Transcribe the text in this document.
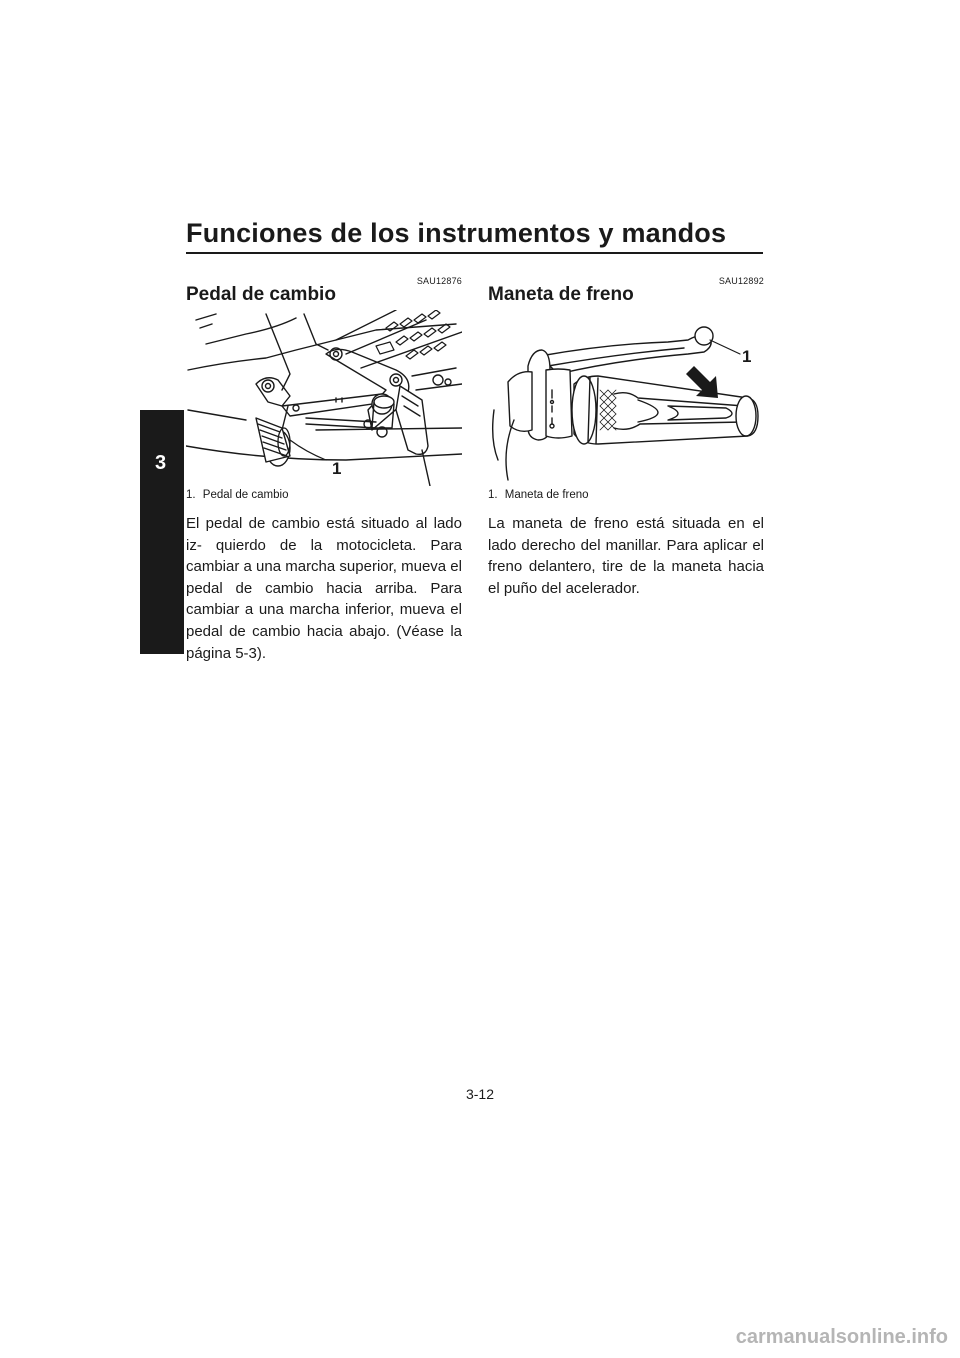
Funciones de los instrumentos y mandos
3
SAU12876
Pedal de cambio
1
1. Pedal de cambio

El pedal de cambio está situado al lado iz- quierdo de la motocicleta. Para cambiar a una marcha superior, mueva el pedal de cambio hacia arriba. Para cambiar a una marcha inferior, mueva el pedal de cambio hacia abajo. (Véase la página 5-3).

SAU12892
Maneta de freno
1
1. Maneta de freno

La maneta de freno está situada en el lado derecho del manillar. Para aplicar el freno delantero, tire de la maneta hacia el puño del acelerador.

3-12
carmanualsonline.info
